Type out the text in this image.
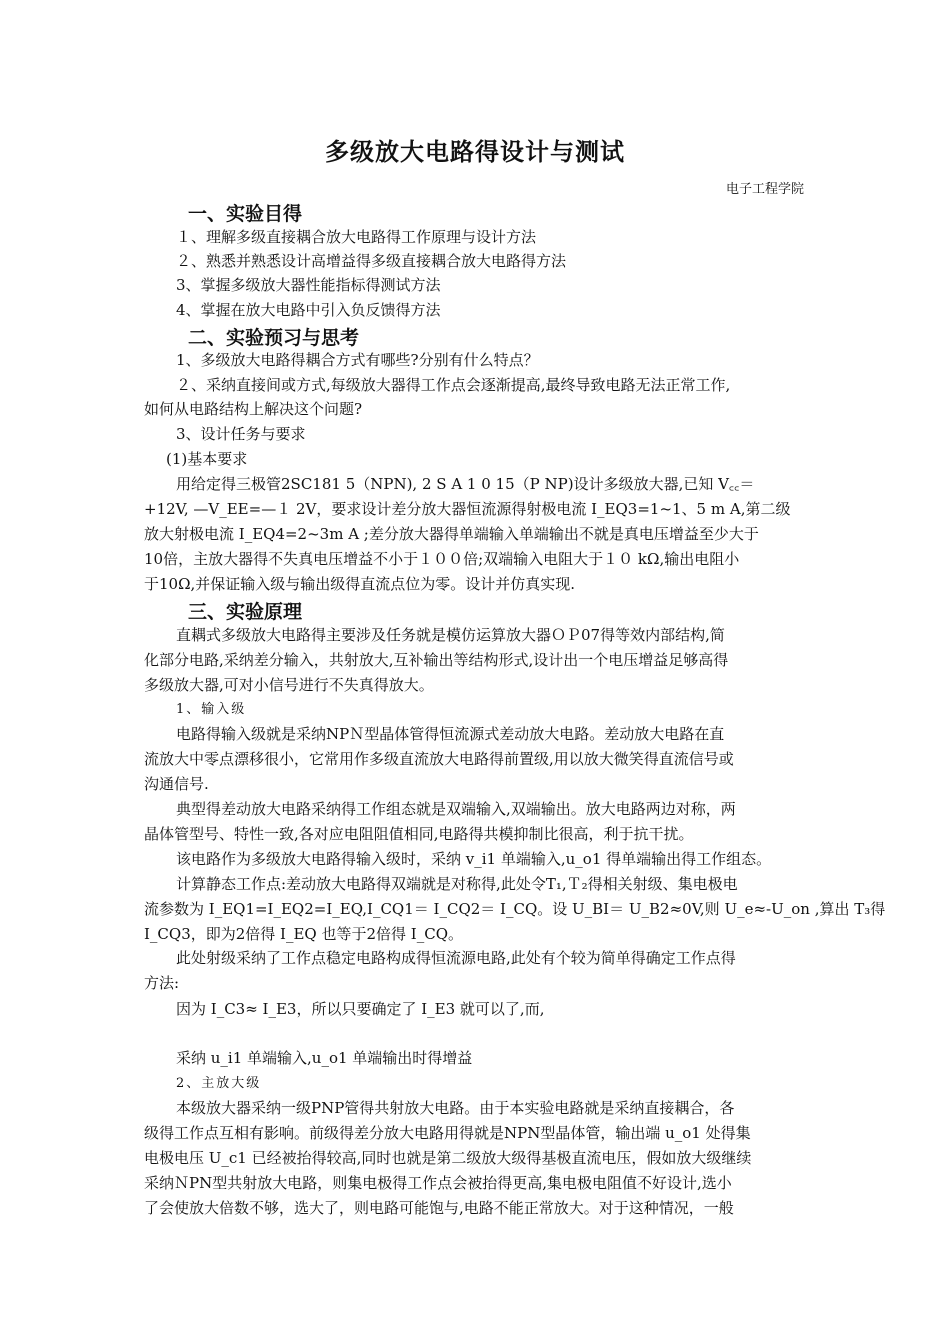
多级放大电路得设计与测试
电子工程学院
一、实验目得
１、理解多级直接耦合放大电路得工作原理与设计方法
２、熟悉并熟悉设计高增益得多级直接耦合放大电路得方法
3、掌握多级放大器性能指标得测试方法
4、掌握在放大电路中引入负反馈得方法
二、实验预习与思考
1、多级放大电路得耦合方式有哪些?分别有什么特点？
２、采纳直接间或方式,每级放大器得工作点会逐渐提高,最终导致电路无法正常工作,
如何从电路结构上解决这个问题?
3、设计任务与要求
(1)基本要求
用给定得三极管2SC181 5（NPN), 2 S A 1 0 15（P NP)设计多级放大器,已知 V꜀꜀＝
+12V, —V_EE=—１ 2V，要求设计差分放大器恒流源得射极电流 I_EQ3=1~1、5 m A,第二级
放大射极电流 I_EQ4=2~3m A ;差分放大器得单端输入单端输出不就是真电压增益至少大于
10倍，主放大器得不失真电压增益不小于１００倍;双端输入电阻大于１０ kΩ,输出电阻小
于10Ω,并保证输入级与输出级得直流点位为零。设计并仿真实现.
三、实验原理
直耦式多级放大电路得主要涉及任务就是模仿运算放大器ＯＰ07得等效内部结构,简
化部分电路,采纳差分输入，共射放大,互补输出等结构形式,设计出一个电压增益足够高得
多级放大器,可对小信号进行不失真得放大。
1、输入级
电路得输入级就是采纳NPＮ型晶体管得恒流源式差动放大电路。差动放大电路在直
流放大中零点漂移很小，它常用作多级直流放大电路得前置级,用以放大微笑得直流信号或
沟通信号.
典型得差动放大电路采纳得工作组态就是双端输入,双端输出。放大电路两边对称，两
晶体管型号、特性一致,各对应电阻阻值相同,电路得共模抑制比很高，利于抗干扰。
该电路作为多级放大电路得输入级时，采纳 v_i1 单端输入,u_o1 得单端输出得工作组态。
计算静态工作点:差动放大电路得双端就是对称得,此处令T₁,Ｔ₂得相关射级、集电极电
流参数为 I_EQ1=I_EQ2=I_EQ,I_CQ1＝ I_CQ2＝ I_CQ。设 U_BI＝ U_B2≈0V,则 U_e≈-U_on ,算出 T₃得
I_CQ3，即为2倍得 I_EQ 也等于2倍得 I_CQ。
此处射级采纳了工作点稳定电路构成得恒流源电路,此处有个较为简单得确定工作点得
方法:
因为 I_C3≈ I_E3，所以只要确定了 I_E3 就可以了,而,
采纳 u_i1 单端输入,u_o1 单端输出时得增益
2、主放大级
本级放大器采纳一级PNP管得共射放大电路。由于本实验电路就是采纳直接耦合，各
级得工作点互相有影响。前级得差分放大电路用得就是NPN型晶体管，输出端 u_o1 处得集
电极电压 U_c1 已经被抬得较高,同时也就是第二级放大级得基极直流电压，假如放大级继续
采纳ＮPN型共射放大电路，则集电极得工作点会被抬得更高,集电极电阻值不好设计,选小
了会使放大倍数不够，选大了，则电路可能饱与,电路不能正常放大。对于这种情况，一般
